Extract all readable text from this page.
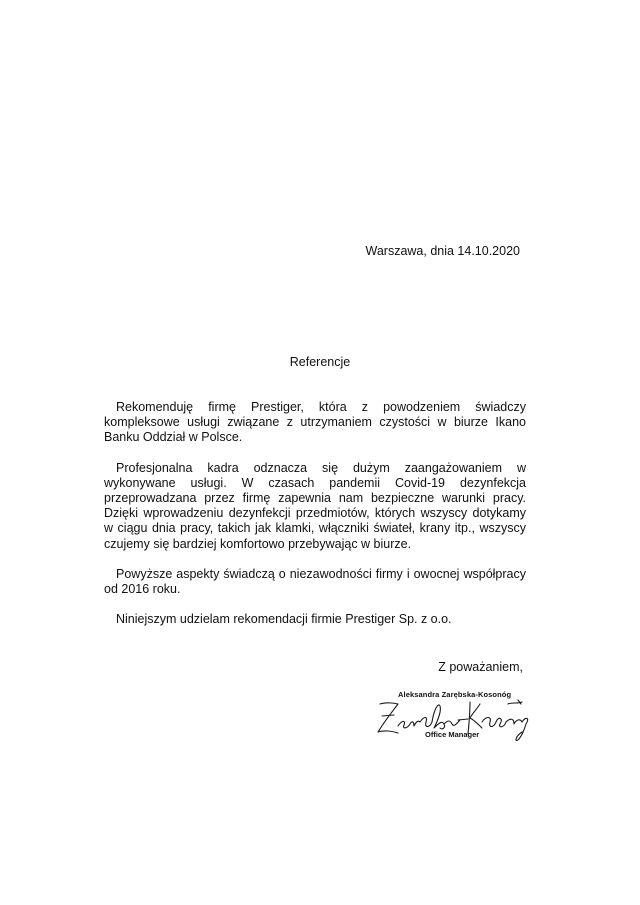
Warszawa, dnia 14.10.2020
Referencje

Rekomenduję firmę Prestiger, która z powodzeniem świadczy kompleksowe usługi związane z utrzymaniem czystości w biurze Ikano Banku Oddział w Polsce.

Profesjonalna kadra odznacza się dużym zaangażowaniem w wykonywane usługi. W czasach pandemii Covid-19 dezynfekcja przeprowadzana przez firmę zapewnia nam bezpieczne warunki pracy. Dzięki wprowadzeniu dezynfekcji przedmiotów, których wszyscy dotykamy w ciągu dnia pracy, takich jak klamki, włączniki świateł, krany itp., wszyscy czujemy się bardziej komfortowo przebywając w biurze.

Powyższe aspekty świadczą o niezawodności firmy i owocnej współpracy od 2016 roku.

Niniejszym udzielam rekomendacji firmie Prestiger Sp. z o.o.

Z poważaniem,
Aleksandra Zarębska-Kosonóg
Office Manager
